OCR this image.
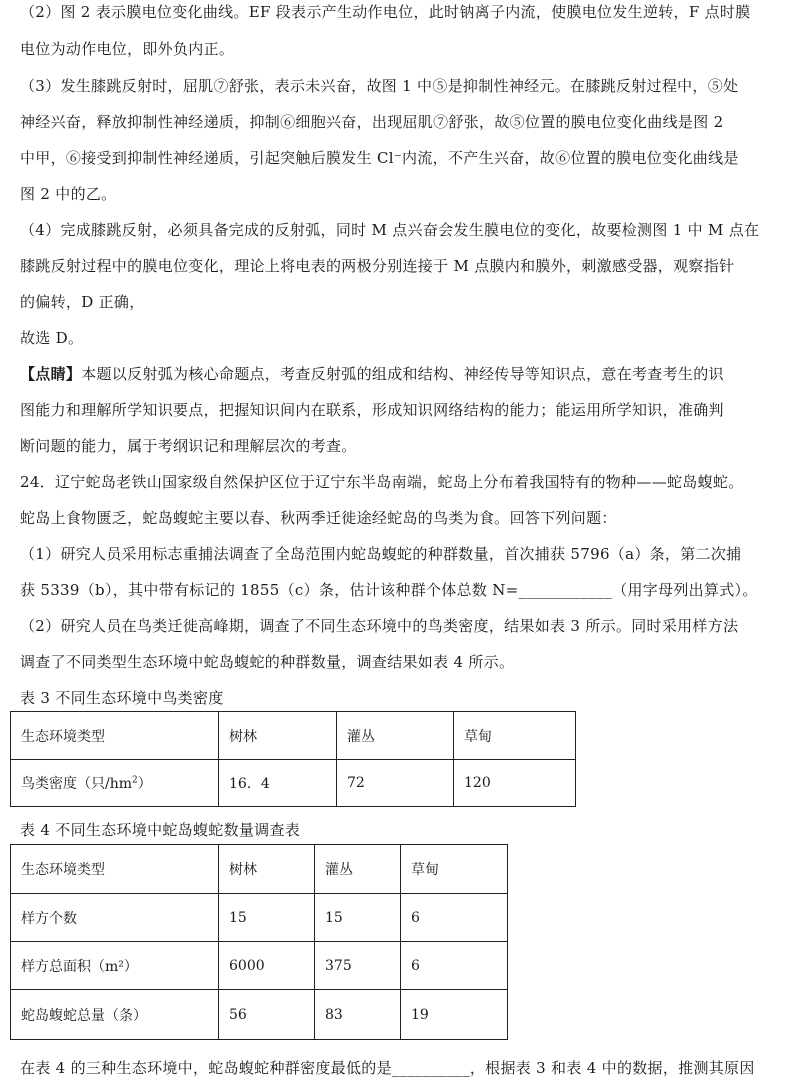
（2）图 2 表示膜电位变化曲线。EF 段表示产生动作电位，此时钠离子内流，使膜电位发生逆转，F 点时膜
电位为动作电位，即外负内正。
（3）发生膝跳反射时，屈肌⑦舒张，表示未兴奋，故图 1 中⑤是抑制性神经元。在膝跳反射过程中，⑤处
神经兴奋，释放抑制性神经递质，抑制⑥细胞兴奋，出现屈肌⑦舒张，故⑤位置的膜电位变化曲线是图 2
中甲，⑥接受到抑制性神经递质，引起突触后膜发生 Cl⁻内流，不产生兴奋，故⑥位置的膜电位变化曲线是
图 2 中的乙。
（4）完成膝跳反射，必须具备完成的反射弧，同时 M 点兴奋会发生膜电位的变化，故要检测图 1 中 M 点在
膝跳反射过程中的膜电位变化，理论上将电表的两极分别连接于 M 点膜内和膜外，刺激感受器，观察指针
的偏转，D 正确，
故选 D。
【点睛】本题以反射弧为核心命题点，考查反射弧的组成和结构、神经传导等知识点，意在考查考生的识
图能力和理解所学知识要点，把握知识间内在联系，形成知识网络结构的能力；能运用所学知识，准确判
断问题的能力，属于考纲识记和理解层次的考查。
24．辽宁蛇岛老铁山国家级自然保护区位于辽宁东半岛南端，蛇岛上分布着我国特有的物种——蛇岛蝮蛇。
蛇岛上食物匮乏，蛇岛蝮蛇主要以春、秋两季迁徙途经蛇岛的鸟类为食。回答下列问题：
（1）研究人员采用标志重捕法调查了全岛范围内蛇岛蝮蛇的种群数量，首次捕获 5796（a）条，第二次捕
获 5339（b），其中带有标记的 1855（c）条，估计该种群个体总数 N=____________（用字母列出算式）。
（2）研究人员在鸟类迁徙高峰期，调查了不同生态环境中的鸟类密度，结果如表 3 所示。同时采用样方法
调查了不同类型生态环境中蛇岛蝮蛇的种群数量，调查结果如表 4 所示。
表 3 不同生态环境中鸟类密度
生态环境类型	树林	灌丛	草甸
鸟类密度（只$/hm^2$）	16．4	72	120
表 4 不同生态环境中蛇岛蝮蛇数量调查表
生态环境类型	树林	灌丛	草甸
样方个数	15	15	6
样方总面积（m²）	6000	375	6
蛇岛蝮蛇总量（条）	56	83	19
在表 4 的三种生态环境中，蛇岛蝮蛇种群密度最低的是__________，根据表 3 和表 4 中的数据，推测其原因
